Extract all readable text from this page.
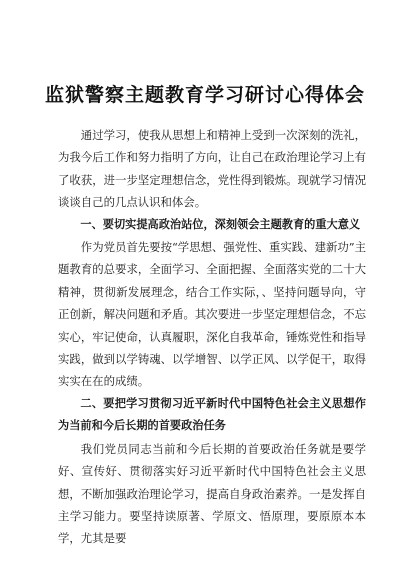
监狱警察主题教育学习研讨心得体会

通过学习，使我从思想上和精神上受到一次深刻的洗礼，为我今后工作和努力指明了方向，让自己在政治理论学习上有了收获，进一步坚定理想信念，党性得到锻炼。现就学习情况谈谈自己的几点认识和体会。

一、要切实提高政治站位，深刻领会主题教育的重大意义

作为党员首先要按“学思想、强党性、重实践、建新功”主题教育的总要求，全面学习、全面把握、全面落实党的二十大精神，贯彻新发展理念，结合工作实际，、坚持问题导向，守正创新，解决问题和矛盾。其次要进一步坚定理想信念，不忘实心，牢记使命，认真履职，深化自我革命，锤炼党性和指导实践，做到以学铸魂、以学增智、以学正风、以学促干，取得实实在在的成绩。

二、要把学习贯彻习近平新时代中国特色社会主义思想作为当前和今后长期的首要政治任务

我们党员同志当前和今后长期的首要政治任务就是要学好、宣传好、贯彻落实好习近平新时代中国特色社会主义思想，不断加强政治理论学习，提高自身政治素养。一是发挥自主学习能力。要坚持读原著、学原文、悟原理，要原原本本学，尤其是要
